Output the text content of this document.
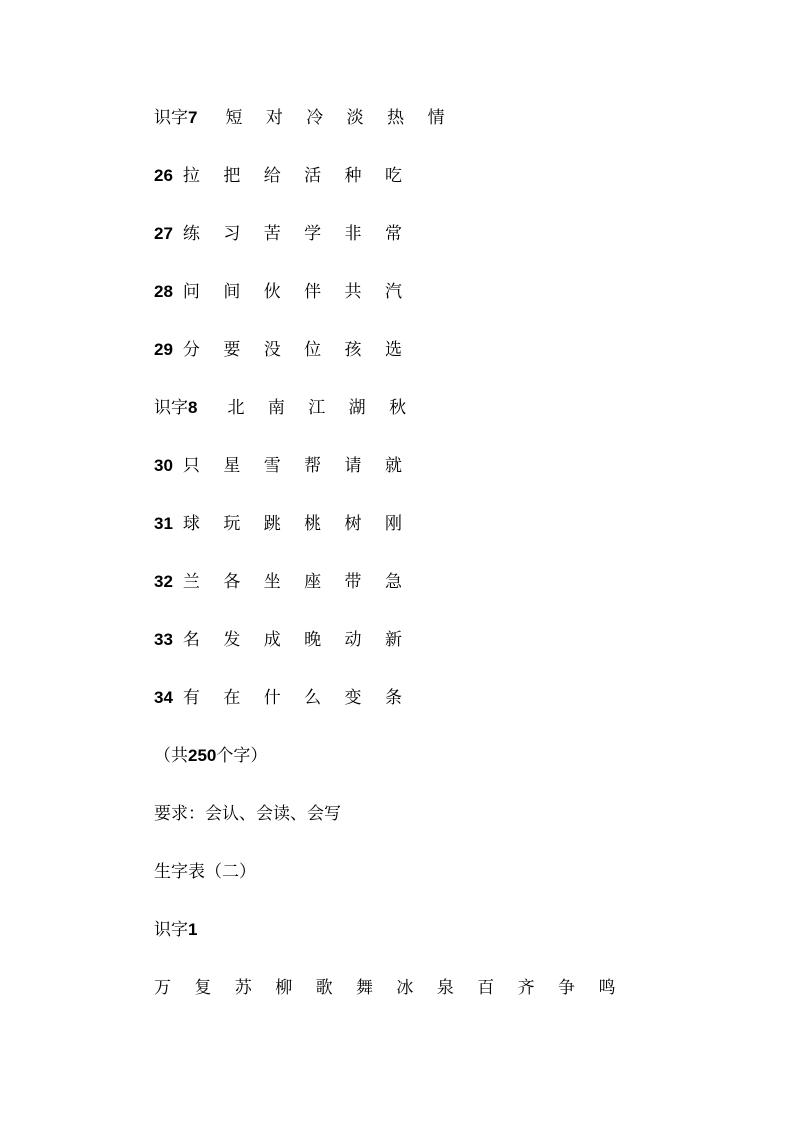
识字7 短 对 冷 淡 热 情
26 拉 把 给 活 种 吃
27 练 习 苦 学 非 常
28 问 间 伙 伴 共 汽
29 分 要 没 位 孩 选
识字8 北 南 江 湖 秋
30 只 星 雪 帮 请 就
31 球 玩 跳 桃 树 刚
32 兰 各 坐 座 带 急
33 名 发 成 晚 动 新
34 有 在 什 么 变 条
（共250个字）
要求：会认、会读、会写
生字表（二）
识字1
万 复 苏 柳 歌 舞 冰 泉 百 齐 争 鸣
